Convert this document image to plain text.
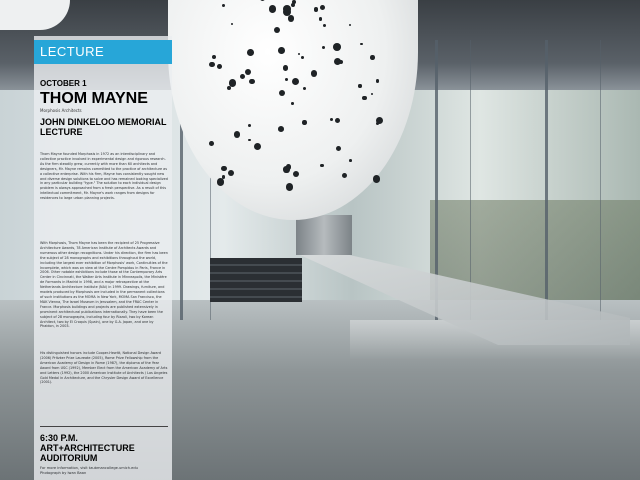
LECTURE
OCTOBER 1
THOM MAYNE
Morphosis Architects
JOHN DINKELOO MEMORIAL LECTURE
Thom Mayne founded Morphosis in 1972 as an interdisciplinary and collective practice involved in experimental design and rigorous research. As the firm steadily grew, currently with more than 60 architects and designers, Mr. Mayne remains committed to the practice of architecture as a collective enterprise. With his firm, Mayne has consistently sought new and diverse design solutions to solve and has remained looking specialized in any particular building "type." The solution to each individual design problem is always approached from a fresh perspective. As a result of this intellectual commitment, Mr. Mayne's work ranges from designs for residences to large urban planning projects.
With Morphosis, Thom Mayne has been the recipient of 25 Progressive Architecture Awards, 78 American Institute of Architects Awards and numerous other design recognitions. Under his direction, the firm has been the subject of 28 monographs and exhibitions throughout the world, including the largest ever exhibition of Morphosis' work, Continuities of the Incomplete, which was on view at the Centre Pompidou in Paris, France in 2006. Other notable exhibitions include those at the Contemporary Arts Center in Cincinnati, the Walker Arts Institute in Minneapolis, the Ministère de Formants in Madrid in 1998, and a major retrospective at the Netherlands Architecture Institute (NAi) in 1999. Drawings, furniture, and models produced by Morphosis are included in the permanent collections of such institutions as the MOMA in New York, MOMA San Francisco, the MAK Vienna, The Israel Museum in Jerusalem, and the FRAC Center in France. Morphosis buildings and projects are published extensively in prominent architectural publications internationally. They have been the subject of 28 monographs, including four by Rizzoli, two by Korean Architect, two by El Croquis (Spain), one by G.A. Japan, and one by Phaidon, in 2003.
His distinguished honors include Cooper-Hewitt, National Design Award (2006) Pritzker Prize Laureate (2005), Rome Prize Fellowship from the American Academy of Design in Rome (1987), the diploma of the Year Award from USC (1992), Member Elect from the American Academy of Arts and Letters (1992), the 2000 American Institute of Architects / Los Angeles Gold Medal in Architecture, and the Chrysler Design Award of Excellence (2001).
6:30 P.M.
ART+ARCHITECTURE AUDITORIUM
For more information, visit taubmancollege.umich.edu
Photograph by Iwan Baan
